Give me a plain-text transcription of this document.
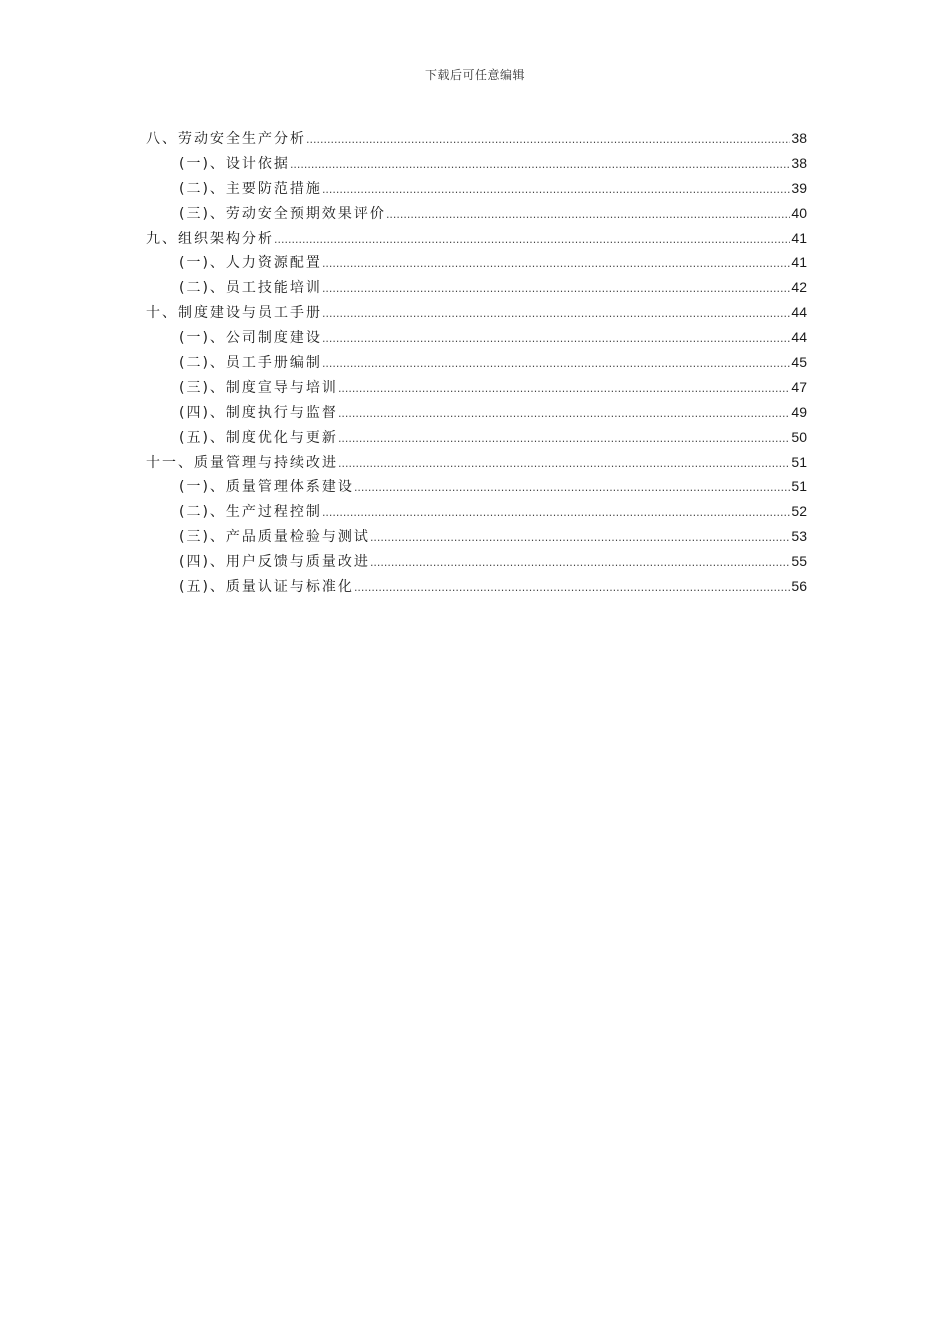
下载后可任意编辑
八、劳动安全生产分析 .....	38
(一)、设计依据 .....	38
(二)、主要防范措施 .....	39
(三)、劳动安全预期效果评价 .....	40
九、组织架构分析 .....	41
(一)、人力资源配置 .....	41
(二)、员工技能培训 .....	42
十、制度建设与员工手册 .....	44
(一)、公司制度建设 .....	44
(二)、员工手册编制 .....	45
(三)、制度宣导与培训 .....	47
(四)、制度执行与监督 .....	49
(五)、制度优化与更新 .....	50
十一、质量管理与持续改进 .....	51
(一)、质量管理体系建设 .....	51
(二)、生产过程控制 .....	52
(三)、产品质量检验与测试 .....	53
(四)、用户反馈与质量改进 .....	55
(五)、质量认证与标准化 .....	56
